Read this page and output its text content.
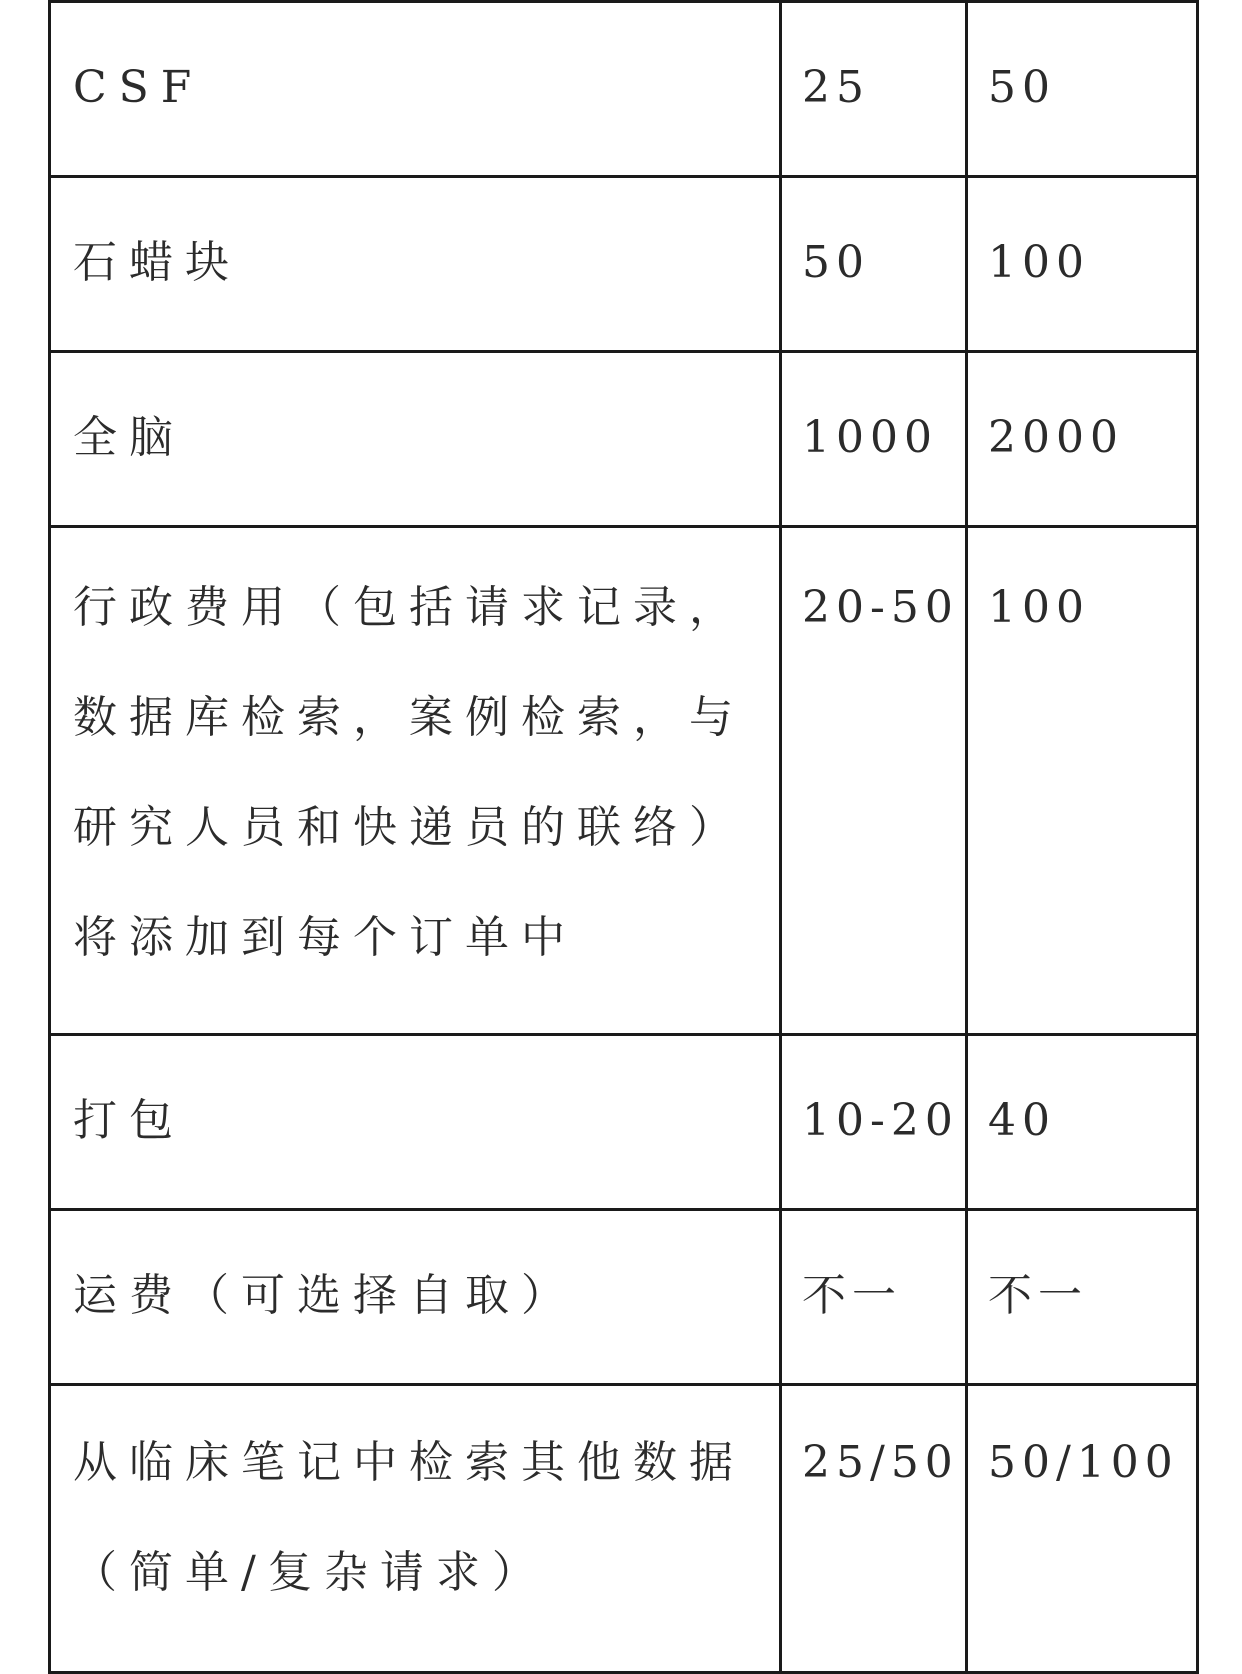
CSF	25	50

石蜡块	50	100

全脑	1000	2000

行政费用（包括请求记录，数据库检索，案例检索，与研究人员和快递员的联络）将添加到每个订单中	20-50	100

打包	10-20	40

运费（可选择自取）	不一	不一

从临床笔记中检索其他数据（简单/复杂请求）	25/50	50/100
